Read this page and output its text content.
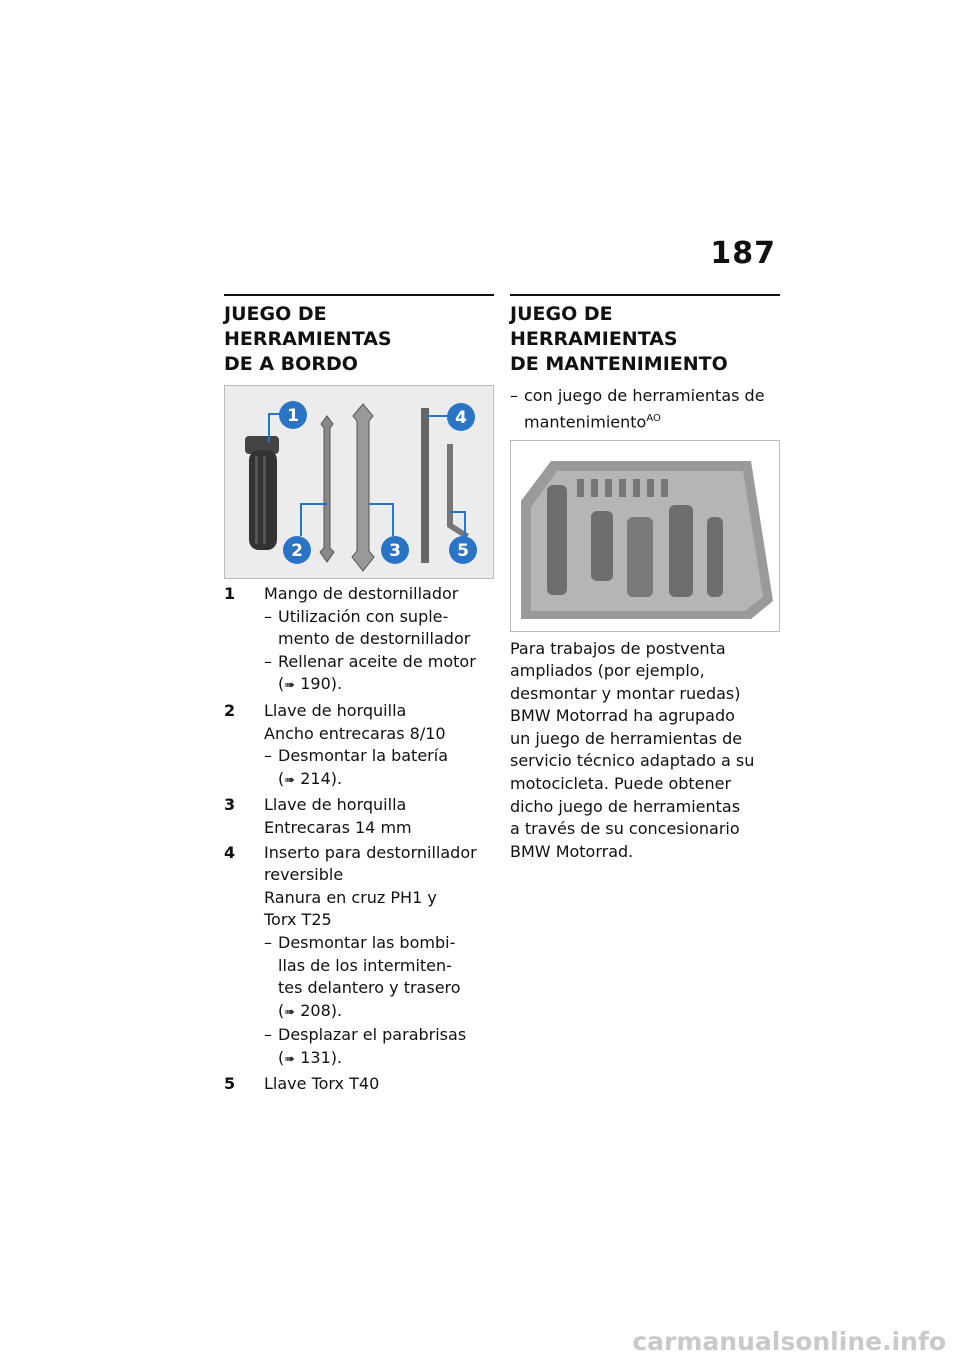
187
JUEGO DE HERRAMIENTAS
DE A BORDO
1
2	3
4
5
1	Mango de destornillador
– Utilización con suple-
mento de destornillador
– Rellenar aceite de motor
(➠ 190).
2	Llave de horquilla
Ancho entrecaras 8/10
– Desmontar la batería
(➠ 214).
3	Llave de horquilla
Entrecaras 14 mm
4	Inserto para destornillador
reversible
Ranura en cruz PH1 y
Torx T25
– Desmontar las bombi-
llas de los intermiten-
tes delantero y trasero
(➠ 208).
– Desplazar el parabrisas
(➠ 131).
5	Llave Torx T40
JUEGO DE HERRAMIENTAS
DE MANTENIMIENTO
– con juego de herramientas de
mantenimiento$^{AO}$
Para trabajos de postventa
ampliados (por ejemplo,
desmontar y montar ruedas)
BMW Motorrad ha agrupado
un juego de herramientas de
servicio técnico adaptado a su
motocicleta. Puede obtener
dicho juego de herramientas
a través de su concesionario
BMW Motorrad.
carmanualsonline.info
